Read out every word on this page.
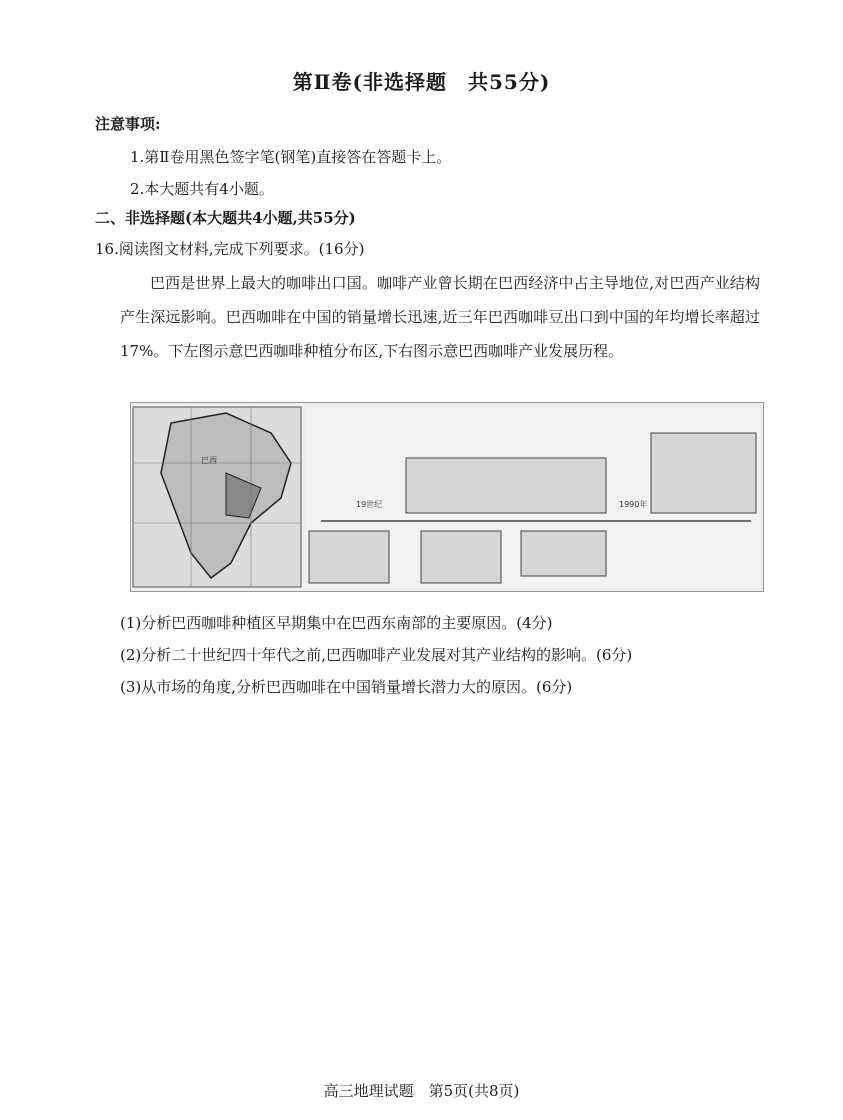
第Ⅱ卷(非选择题　共55分)
注意事项:
1.第Ⅱ卷用黑色签字笔(钢笔)直接答在答题卡上。
2.本大题共有4小题。
二、非选择题(本大题共4小题,共55分)
16.阅读图文材料,完成下列要求。(16分)
巴西是世界上最大的咖啡出口国。咖啡产业曾长期在巴西经济中占主导地位,对巴西产业结构产生深远影响。巴西咖啡在中国的销量增长迅速,近三年巴西咖啡豆出口到中国的年均增长率超过17%。下左图示意巴西咖啡种植分布区,下右图示意巴西咖啡产业发展历程。
巴西
19世纪	1990年
(1)分析巴西咖啡种植区早期集中在巴西东南部的主要原因。(4分)
(2)分析二十世纪四十年代之前,巴西咖啡产业发展对其产业结构的影响。(6分)
(3)从市场的角度,分析巴西咖啡在中国销量增长潜力大的原因。(6分)
高三地理试题　第5页(共8页)
